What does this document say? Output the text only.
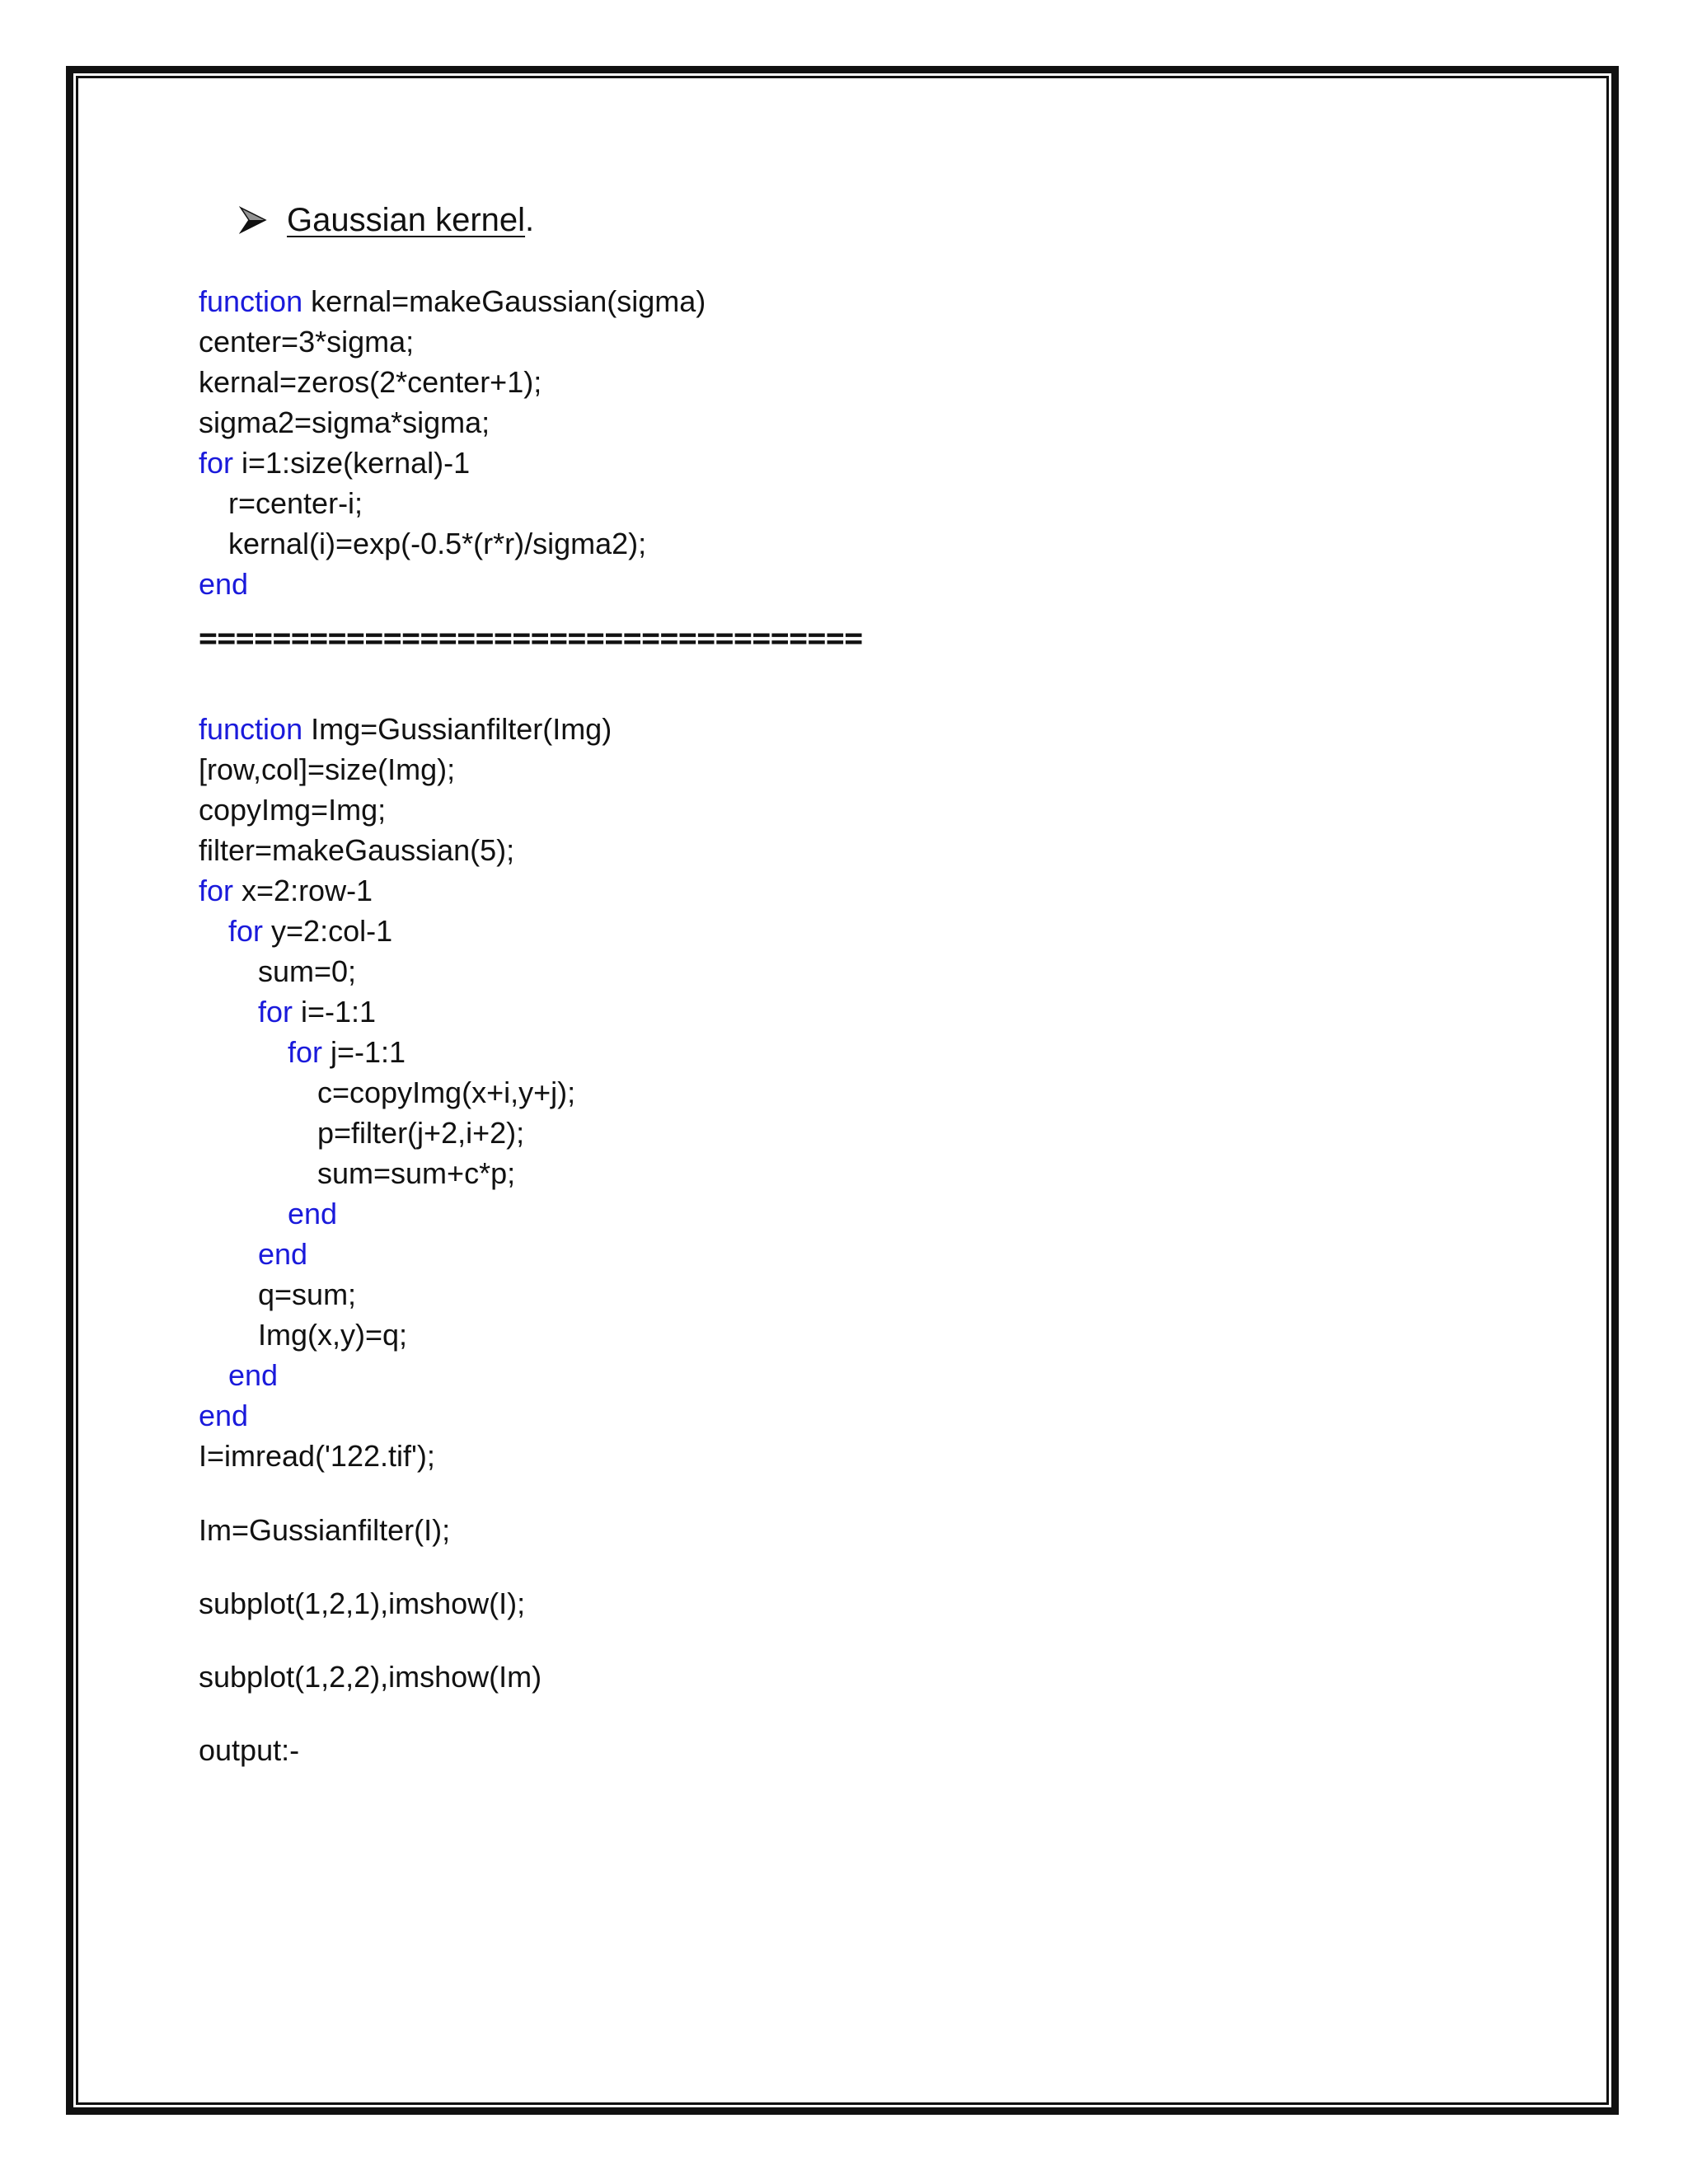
Gaussian kernel .
function kernal=makeGaussian(sigma)
center=3*sigma;
kernal=zeros(2*center+1);
sigma2=sigma*sigma;
for i=1:size(kernal)-1
r=center-i;
kernal(i)=exp(-0.5*(r*r)/sigma2);
end
====================================
function Img=Gussianfilter(Img)
[row,col]=size(Img);
copyImg=Img;
filter=makeGaussian(5);
for x=2:row-1
for y=2:col-1
sum=0;
for i=-1:1
for j=-1:1
c=copyImg(x+i,y+j);
p=filter(j+2,i+2);
sum=sum+c*p;
end
end
q=sum;
Img(x,y)=q;
end
end
I=imread('122.tif');
Im=Gussianfilter(I);
subplot(1,2,1),imshow(I);
subplot(1,2,2),imshow(Im)
output:-
